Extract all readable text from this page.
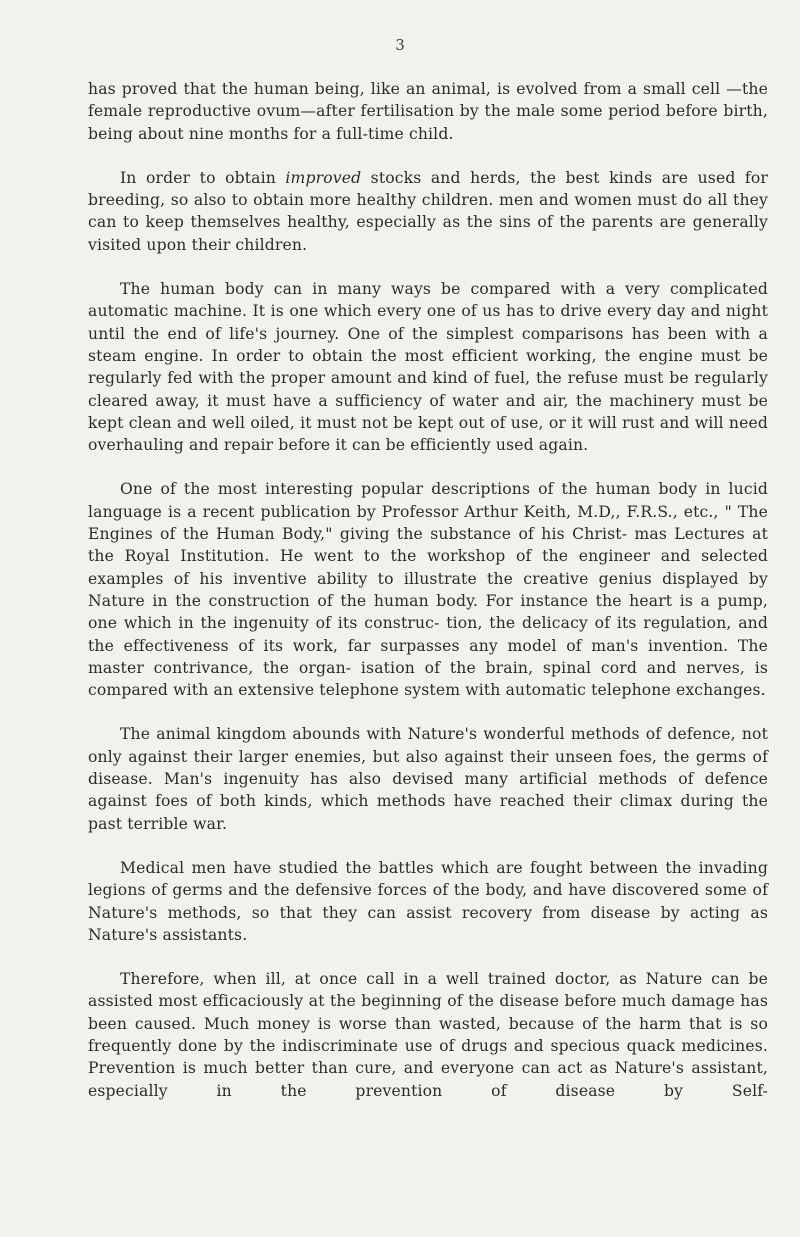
3

has proved that the human being, like an animal, is evolved from a small cell —the female reproductive ovum—after fertilisation by the male some period before birth, being about nine months for a full-time child.

In order to obtain improved stocks and herds, the best kinds are used for breeding, so also to obtain more healthy children. men and women must do all they can to keep themselves healthy, especially as the sins of the parents are generally visited upon their children.

The human body can in many ways be compared with a very complicated automatic machine. It is one which every one of us has to drive every day and night until the end of life's journey. One of the simplest comparisons has been with a steam engine. In order to obtain the most efficient working, the engine must be regularly fed with the proper amount and kind of fuel, the refuse must be regularly cleared away, it must have a sufficiency of water and air, the machinery must be kept clean and well oiled, it must not be kept out of use, or it will rust and will need overhauling and repair before it can be efficiently used again.

One of the most interesting popular descriptions of the human body in lucid language is a recent publication by Professor Arthur Keith, M.D,, F.R.S., etc., " The Engines of the Human Body," giving the substance of his Christ- mas Lectures at the Royal Institution. He went to the workshop of the engineer and selected examples of his inventive ability to illustrate the creative genius displayed by Nature in the construction of the human body. For instance the heart is a pump, one which in the ingenuity of its construc- tion, the delicacy of its regulation, and the effectiveness of its work, far surpasses any model of man's invention. The master contrivance, the organ- isation of the brain, spinal cord and nerves, is compared with an extensive telephone system with automatic telephone exchanges.

The animal kingdom abounds with Nature's wonderful methods of defence, not only against their larger enemies, but also against their unseen foes, the germs of disease. Man's ingenuity has also devised many artificial methods of defence against foes of both kinds, which methods have reached their climax during the past terrible war.

Medical men have studied the battles which are fought between the invading legions of germs and the defensive forces of the body, and have discovered some of Nature's methods, so that they can assist recovery from disease by acting as Nature's assistants.

Therefore, when ill, at once call in a well trained doctor, as Nature can be assisted most efficaciously at the beginning of the disease before much damage has been caused. Much money is worse than wasted, because of the harm that is so frequently done by the indiscriminate use of drugs and specious quack medicines. Prevention is much better than cure, and everyone can act as Nature's assistant, especially in the prevention of disease by Self-
